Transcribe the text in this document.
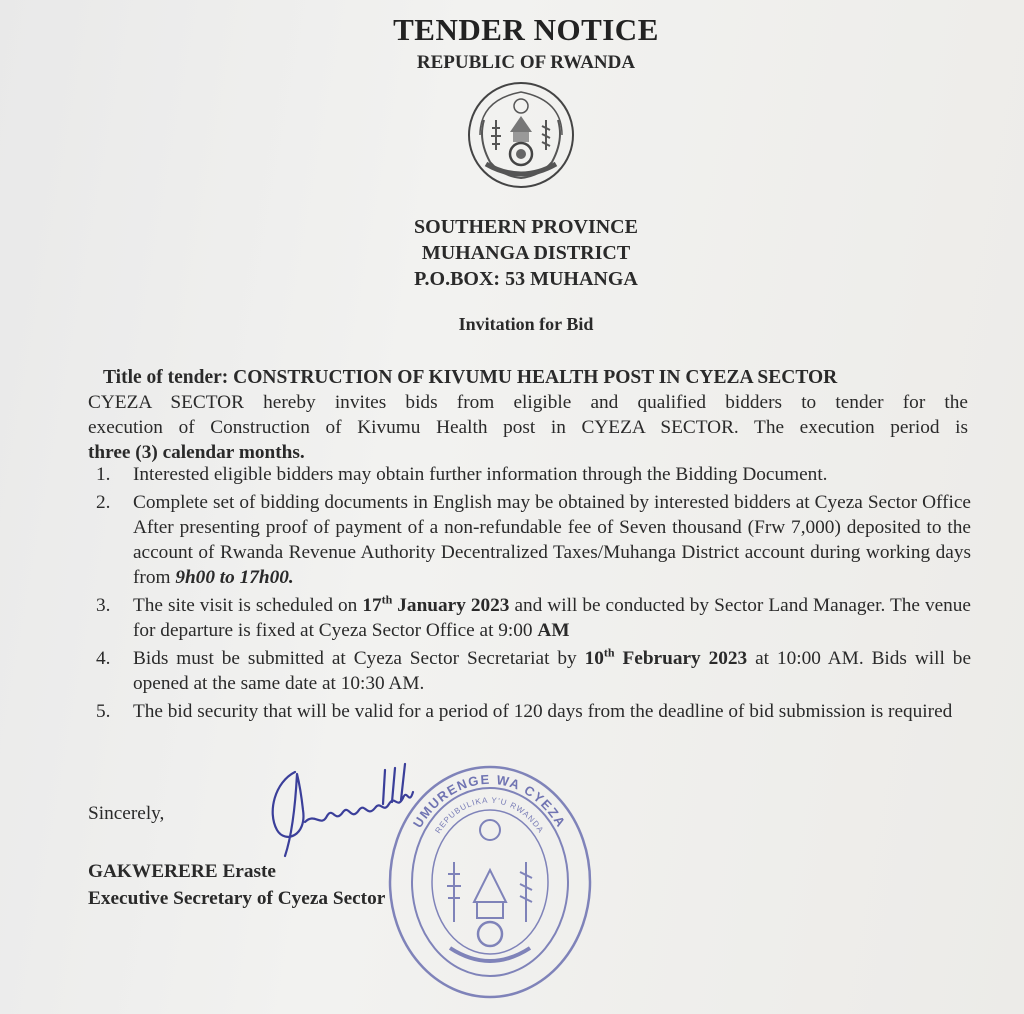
TENDER NOTICE
REPUBLIC OF RWANDA
SOUTHERN PROVINCE
MUHANGA DISTRICT
P.O.BOX: 53 MUHANGA
Invitation for Bid
Title of tender: CONSTRUCTION OF KIVUMU HEALTH POST IN CYEZA SECTOR
CYEZA SECTOR hereby invites bids from eligible and qualified bidders to tender for the
execution of Construction of Kivumu Health post in CYEZA SECTOR. The execution period is
three (3) calendar months.
1. Interested eligible bidders may obtain further information through the Bidding Document.
2. Complete set of bidding documents in English may be obtained by interested bidders at Cyeza Sector Office After presenting proof of payment of a non-refundable fee of Seven thousand (Frw 7,000) deposited to the account of Rwanda Revenue Authority Decentralized Taxes/Muhanga District account during working days from 9h00 to 17h00.
3. The site visit is scheduled on 17th January 2023 and will be conducted by Sector Land Manager. The venue for departure is fixed at Cyeza Sector Office at 9:00 AM
4. Bids must be submitted at Cyeza Sector Secretariat by 10th February 2023 at 10:00 AM. Bids will be opened at the same date at 10:30 AM.
5. The bid security that will be valid for a period of 120 days from the deadline of bid submission is required
Sincerely,
GAKWERERE Eraste
Executive Secretary of Cyeza Sector
UMURENGE WA CYEZA
REPUBULIKA Y'U RWANDA
